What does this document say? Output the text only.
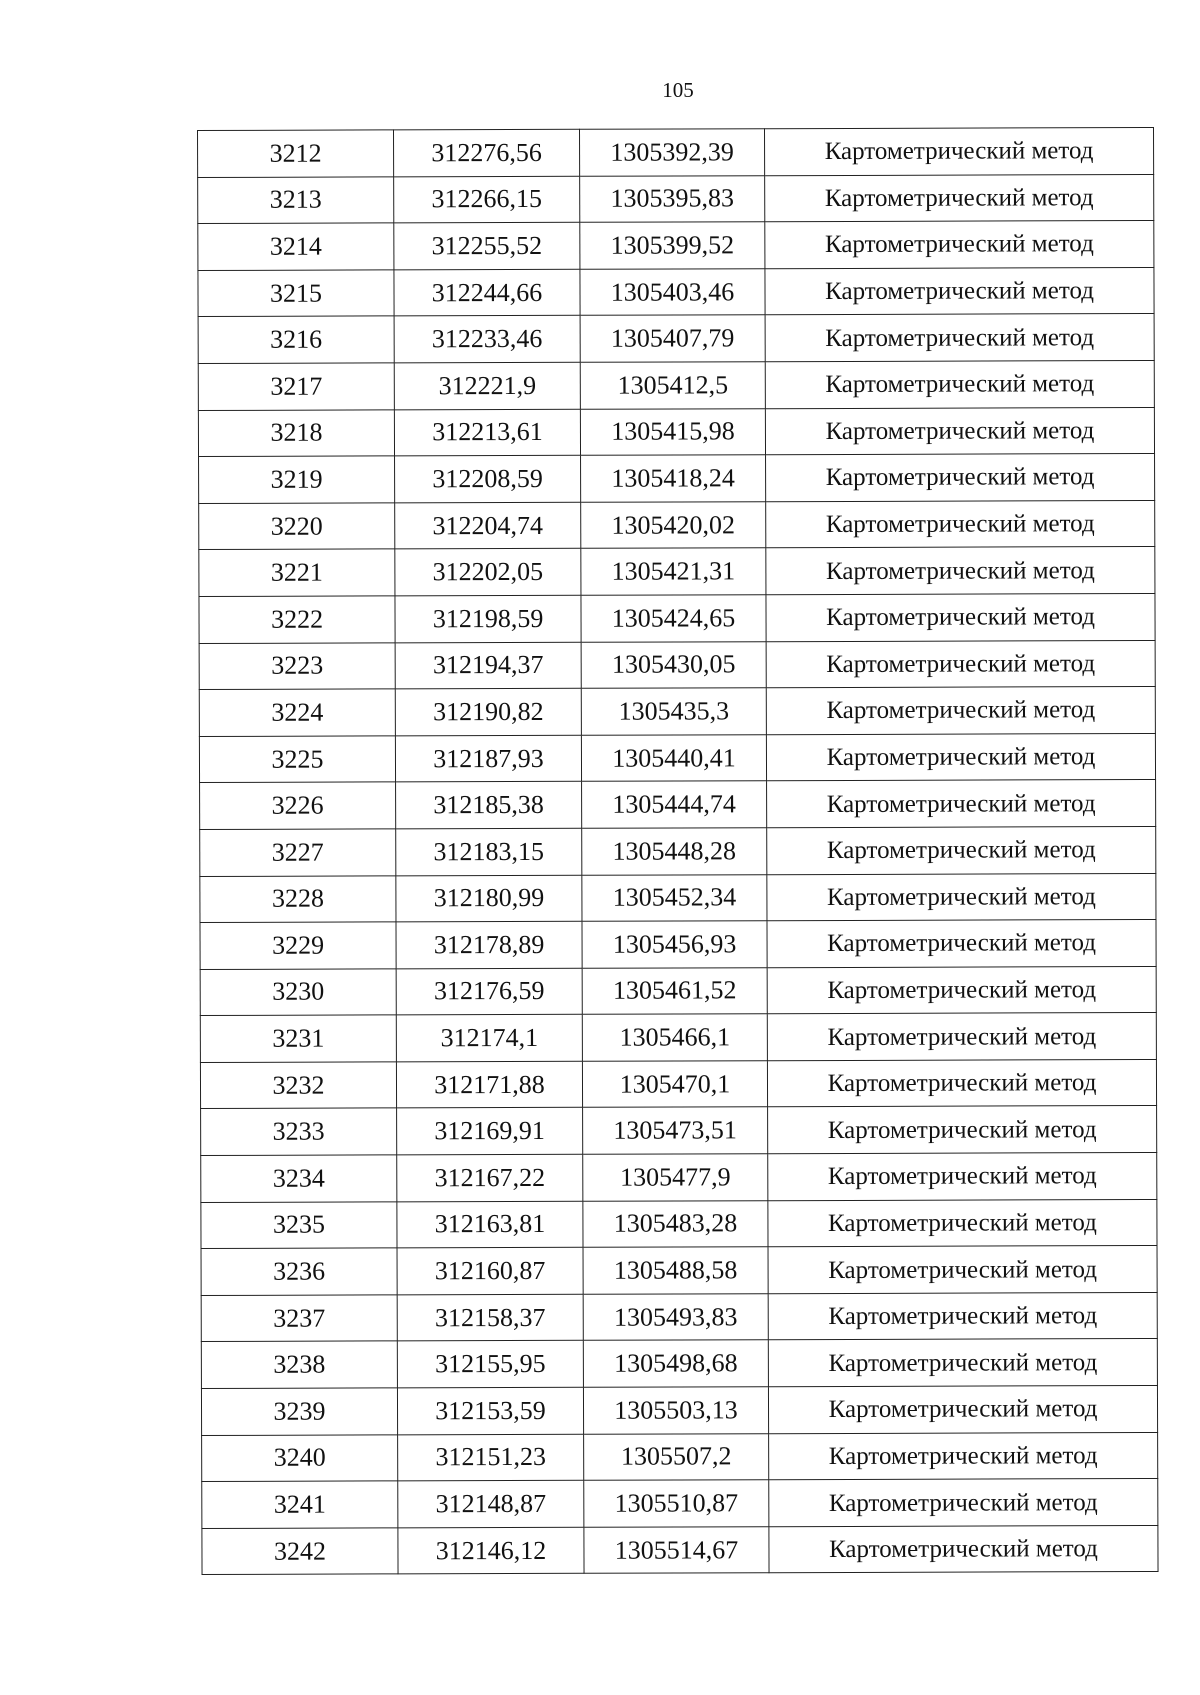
105
3212	312276,56	1305392,39	Картометрический метод
3213	312266,15	1305395,83	Картометрический метод
3214	312255,52	1305399,52	Картометрический метод
3215	312244,66	1305403,46	Картометрический метод
3216	312233,46	1305407,79	Картометрический метод
3217	312221,9	1305412,5	Картометрический метод
3218	312213,61	1305415,98	Картометрический метод
3219	312208,59	1305418,24	Картометрический метод
3220	312204,74	1305420,02	Картометрический метод
3221	312202,05	1305421,31	Картометрический метод
3222	312198,59	1305424,65	Картометрический метод
3223	312194,37	1305430,05	Картометрический метод
3224	312190,82	1305435,3	Картометрический метод
3225	312187,93	1305440,41	Картометрический метод
3226	312185,38	1305444,74	Картометрический метод
3227	312183,15	1305448,28	Картометрический метод
3228	312180,99	1305452,34	Картометрический метод
3229	312178,89	1305456,93	Картометрический метод
3230	312176,59	1305461,52	Картометрический метод
3231	312174,1	1305466,1	Картометрический метод
3232	312171,88	1305470,1	Картометрический метод
3233	312169,91	1305473,51	Картометрический метод
3234	312167,22	1305477,9	Картометрический метод
3235	312163,81	1305483,28	Картометрический метод
3236	312160,87	1305488,58	Картометрический метод
3237	312158,37	1305493,83	Картометрический метод
3238	312155,95	1305498,68	Картометрический метод
3239	312153,59	1305503,13	Картометрический метод
3240	312151,23	1305507,2	Картометрический метод
3241	312148,87	1305510,87	Картометрический метод
3242	312146,12	1305514,67	Картометрический метод
